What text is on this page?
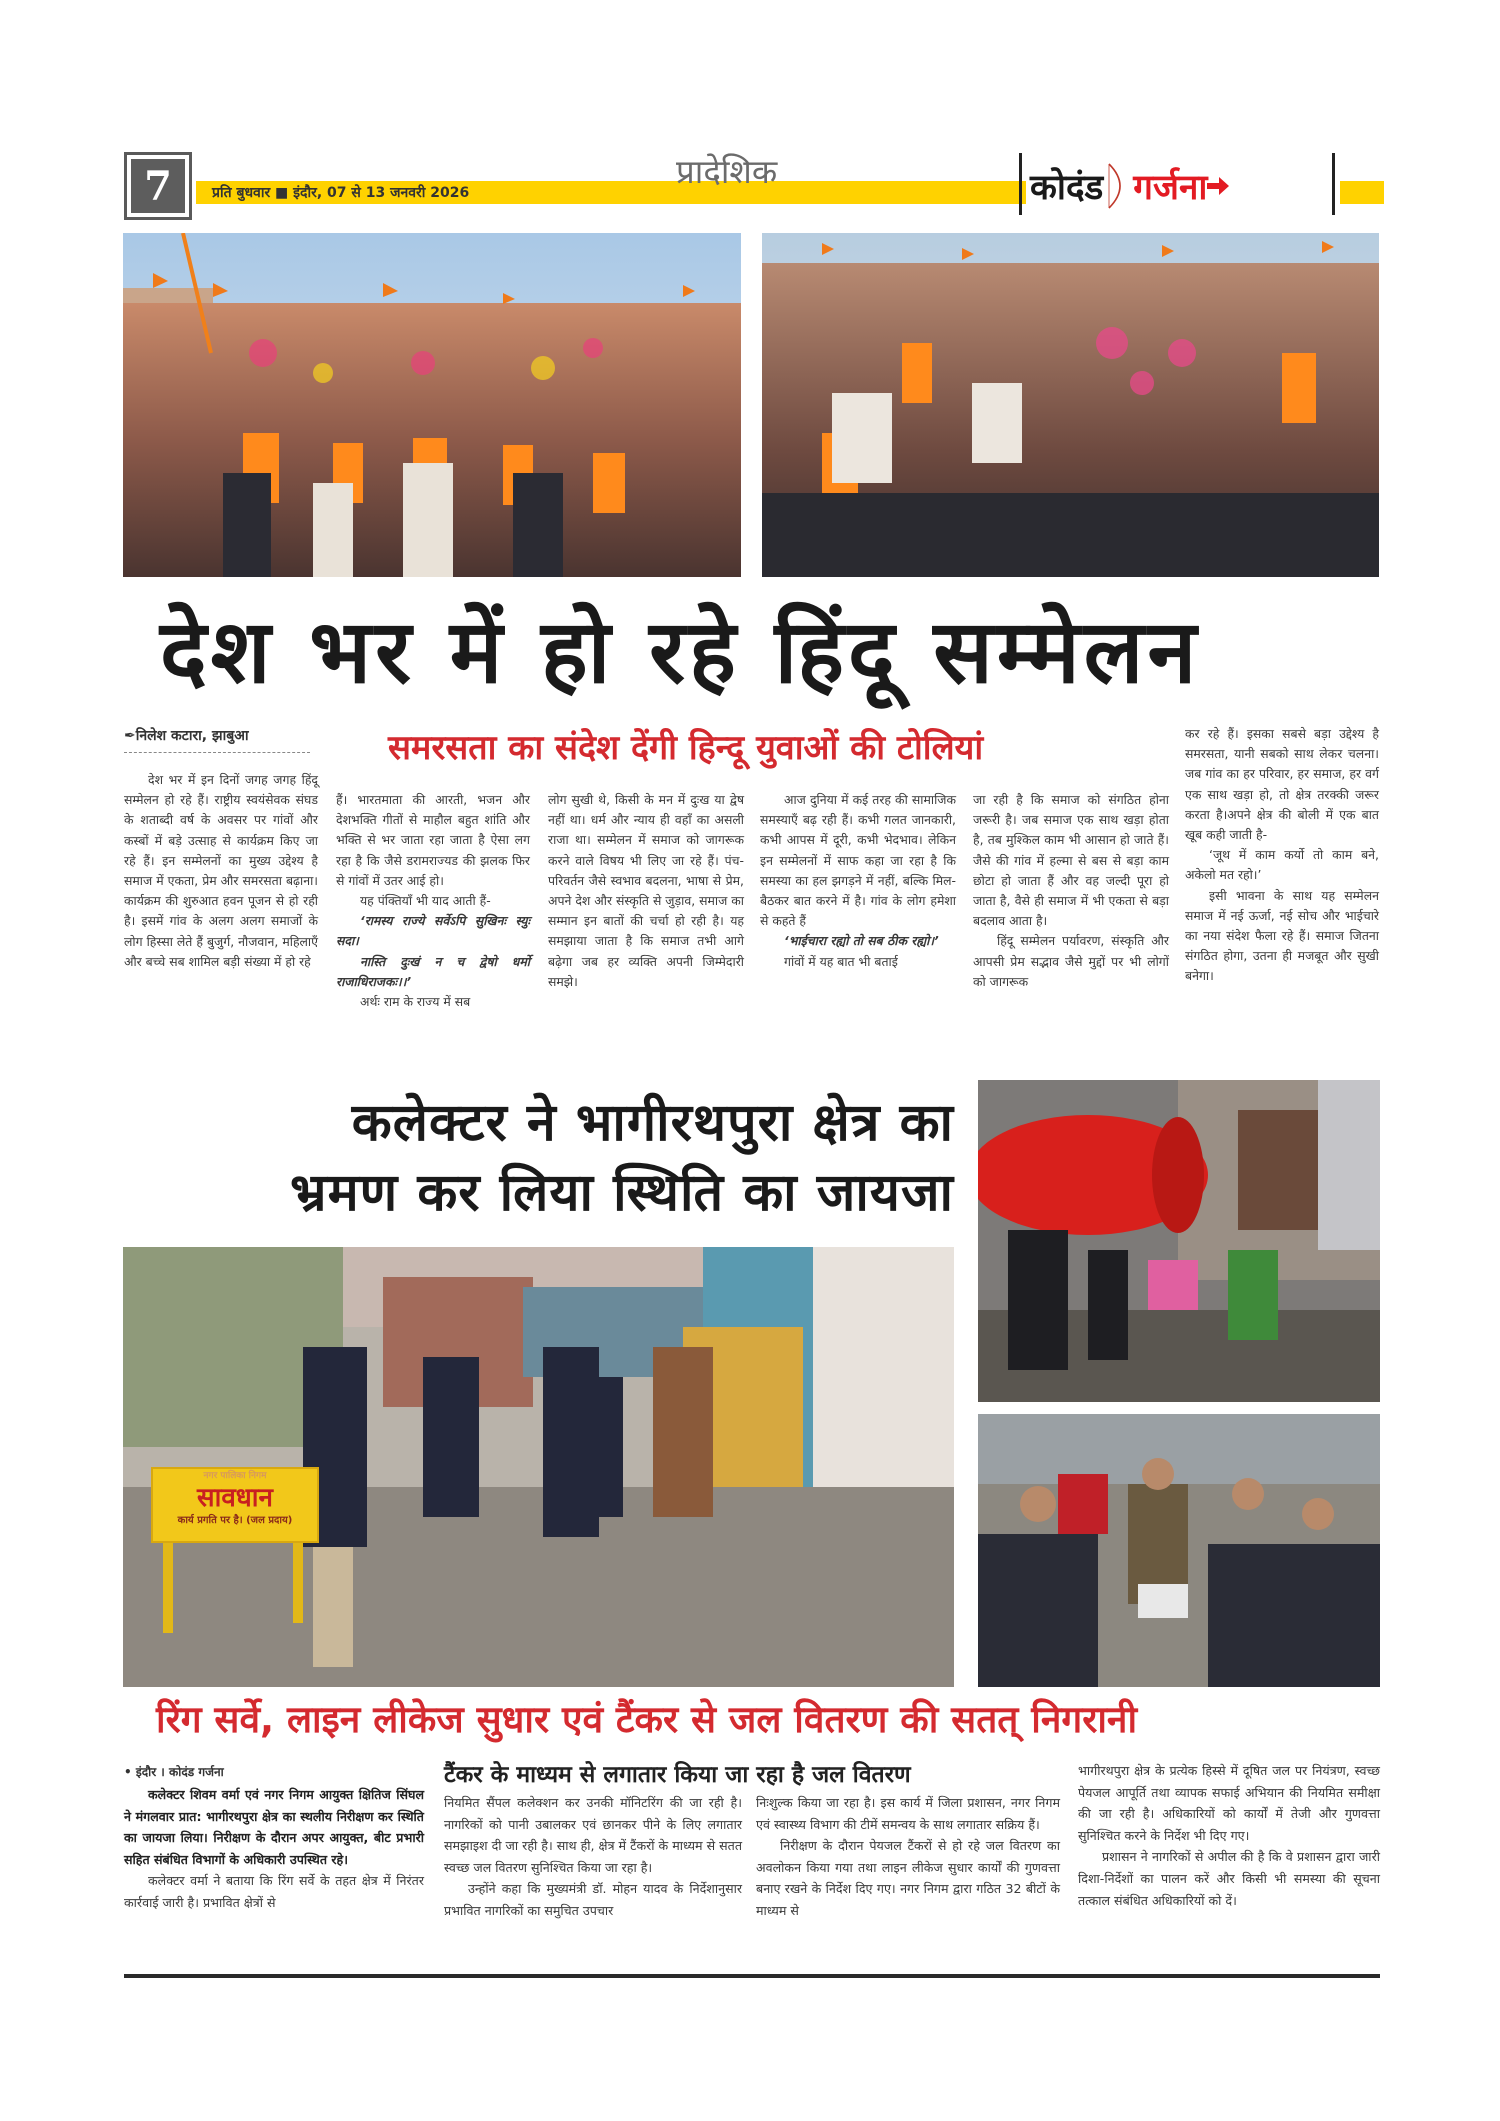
7	प्रति बुधवार ■ इंदौर, 07 से 13 जनवरी 2026
प्रादेशिक	कोदंड गर्जना
देश भर में हो रहे हिंदू सम्मेलन
✒निलेश कटारा, झाबुआ	समरसता का संदेश देंगी हिन्दू युवाओं की टोलियां

देश भर में इन दिनों जगह जगह हिंदू सम्मेलन हो रहे हैं। राष्ट्रीय स्वयंसेवक संघड के शताब्दी वर्ष के अवसर पर गांवों और कस्बों में बड़े उत्साह से कार्यक्रम किए जा रहे हैं। इन सम्मेलनों का मुख्य उद्देश्य है समाज में एकता, प्रेम और समरसता बढ़ाना। कार्यक्रम की शुरुआत हवन पूजन से हो रही है। इसमें गांव के अलग अलग समाजों के लोग हिस्सा लेते हैं बुजुर्ग, नौजवान, महिलाएँ और बच्चे सब शामिल बड़ी संख्या में हो रहे

हैं। भारतमाता की आरती, भजन और देशभक्ति गीतों से माहौल बहुत शांति और भक्ति से भर जाता रहा जाता है ऐसा लग रहा है कि जैसे डरामराज्यड की झलक फिर से गांवों में उतर आई हो।

यह पंक्तियाँ भी याद आती हैं-

‘रामस्य राज्ये सर्वेऽपि सुखिनः स्युः सदा।

नास्ति दुःखं न च द्वेषो धर्मो राजाधिराजकः।।’

अर्थः राम के राज्य में सब

लोग सुखी थे, किसी के मन में दुःख या द्वेष नहीं था। धर्म और न्याय ही वहाँ का असली राजा था। सम्मेलन में समाज को जागरूक करने वाले विषय भी लिए जा रहे हैं। पंच-परिवर्तन जैसे स्वभाव बदलना, भाषा से प्रेम, अपने देश और संस्कृति से जुड़ाव, समाज का सम्मान इन बातों की चर्चा हो रही है। यह समझाया जाता है कि समाज तभी आगे बढ़ेगा जब हर व्यक्ति अपनी जिम्मेदारी समझे।

आज दुनिया में कई तरह की सामाजिक समस्याएँ बढ़ रही हैं। कभी गलत जानकारी, कभी आपस में दूरी, कभी भेदभाव। लेकिन इन सम्मेलनों में साफ कहा जा रहा है कि समस्या का हल झगड़ने में नहीं, बल्कि मिल-बैठकर बात करने में है। गांव के लोग हमेशा से कहते हैं

‘भाईचारा रह्यो तो सब ठीक रह्यो।’

गांवों में यह बात भी बताई

जा रही है कि समाज को संगठित होना जरूरी है। जब समाज एक साथ खड़ा होता है, तब मुश्किल काम भी आसान हो जाते हैं। जैसे की गांव में हल्मा से बस से बड़ा काम छोटा हो जाता हैं और वह जल्दी पूरा हो जाता है, वैसे ही समाज में भी एकता से बड़ा बदलाव आता है।

हिंदू सम्मेलन पर्यावरण, संस्कृति और आपसी प्रेम सद्भाव जैसे मुद्दों पर भी लोगों को जागरूक

कर रहे हैं। इसका सबसे बड़ा उद्देश्य है समरसता, यानी सबको साथ लेकर चलना। जब गांव का हर परिवार, हर समाज, हर वर्ग एक साथ खड़ा हो, तो क्षेत्र तरक्की जरूर करता है।अपने क्षेत्र की बोली में एक बात खूब कही जाती है-

‘जूथ में काम कर्यो तो काम बने, अकेलो मत रहो।’

इसी भावना के साथ यह सम्मेलन समाज में नई ऊर्जा, नई सोच और भाईचारे का नया संदेश फैला रहे हैं। समाज जितना संगठित होगा, उतना ही मजबूत और सुखी बनेगा।

कलेक्टर ने भागीरथपुरा क्षेत्र का
भ्रमण कर लिया स्थिति का जायजा
नगर पालिका निगम
सावधान
कार्य प्रगति पर है। (जल प्रदाय)
रिंग सर्वे, लाइन लीकेज सुधार एवं टैंकर से जल वितरण की सतत् निगरानी
• इंदौर । कोदंड गर्जना	टैंकर के माध्यम से लगातार किया जा रहा है जल वितरण

कलेक्टर शिवम वर्मा एवं नगर निगम आयुक्त क्षितिज सिंघल ने मंगलवार प्रात: भागीरथपुरा क्षेत्र का स्थलीय निरीक्षण कर स्थिति का जायजा लिया। निरीक्षण के दौरान अपर आयुक्त, बीट प्रभारी सहित संबंधित विभागों के अधिकारी उपस्थित रहे।

कलेक्टर वर्मा ने बताया कि रिंग सर्वे के तहत क्षेत्र में निरंतर कार्रवाई जारी है। प्रभावित क्षेत्रों से

नियमित सैंपल कलेक्शन कर उनकी मॉनिटरिंग की जा रही है। नागरिकों को पानी उबालकर एवं छानकर पीने के लिए लगातार समझाइश दी जा रही है। साथ ही, क्षेत्र में टैंकरों के माध्यम से सतत स्वच्छ जल वितरण सुनिश्चित किया जा रहा है।

उन्होंने कहा कि मुख्यमंत्री डॉ. मोहन यादव के निर्देशानुसार प्रभावित नागरिकों का समुचित उपचार

निःशुल्क किया जा रहा है। इस कार्य में जिला प्रशासन, नगर निगम एवं स्वास्थ्य विभाग की टीमें समन्वय के साथ लगातार सक्रिय हैं।

निरीक्षण के दौरान पेयजल टैंकरों से हो रहे जल वितरण का अवलोकन किया गया तथा लाइन लीकेज सुधार कार्यों की गुणवत्ता बनाए रखने के निर्देश दिए गए। नगर निगम द्वारा गठित 32 बीटों के माध्यम से

भागीरथपुरा क्षेत्र के प्रत्येक हिस्से में दूषित जल पर नियंत्रण, स्वच्छ पेयजल आपूर्ति तथा व्यापक सफाई अभियान की नियमित समीक्षा की जा रही है। अधिकारियों को कार्यों में तेजी और गुणवत्ता सुनिश्चित करने के निर्देश भी दिए गए।

प्रशासन ने नागरिकों से अपील की है कि वे प्रशासन द्वारा जारी दिशा-निर्देशों का पालन करें और किसी भी समस्या की सूचना तत्काल संबंधित अधिकारियों को दें।
